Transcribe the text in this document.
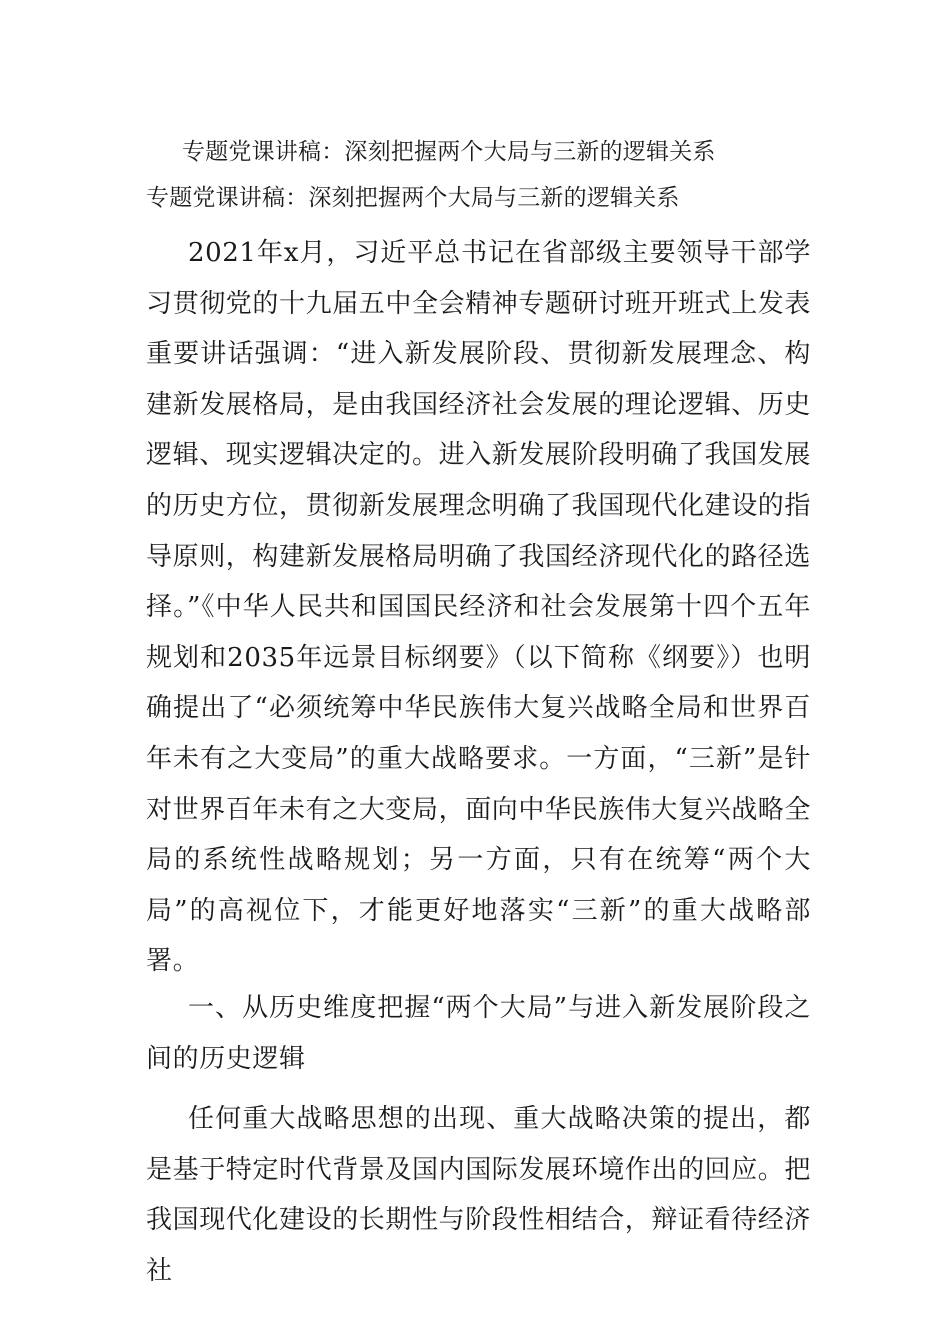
专题党课讲稿：深刻把握两个大局与三新的逻辑关系
专题党课讲稿：深刻把握两个大局与三新的逻辑关系
2021年x月，习近平总书记在省部级主要领导干部学习贯彻党的十九届五中全会精神专题研讨班开班式上发表重要讲话强调：“进入新发展阶段、贯彻新发展理念、构建新发展格局，是由我国经济社会发展的理论逻辑、历史逻辑、现实逻辑决定的。进入新发展阶段明确了我国发展的历史方位，贯彻新发展理念明确了我国现代化建设的指导原则，构建新发展格局明确了我国经济现代化的路径选择。”《中华人民共和国国民经济和社会发展第十四个五年规划和2035年远景目标纲要》（以下简称《纲要》）也明确提出了“必须统筹中华民族伟大复兴战略全局和世界百年未有之大变局”的重大战略要求。一方面，“三新”是针对世界百年未有之大变局，面向中华民族伟大复兴战略全局的系统性战略规划；另一方面，只有在统筹“两个大局”的高视位下，才能更好地落实“三新”的重大战略部署。
一、从历史维度把握“两个大局”与进入新发展阶段之间的历史逻辑
任何重大战略思想的出现、重大战略决策的提出，都是基于特定时代背景及国内国际发展环境作出的回应。把我国现代化建设的长期性与阶段性相结合，辩证看待经济社
